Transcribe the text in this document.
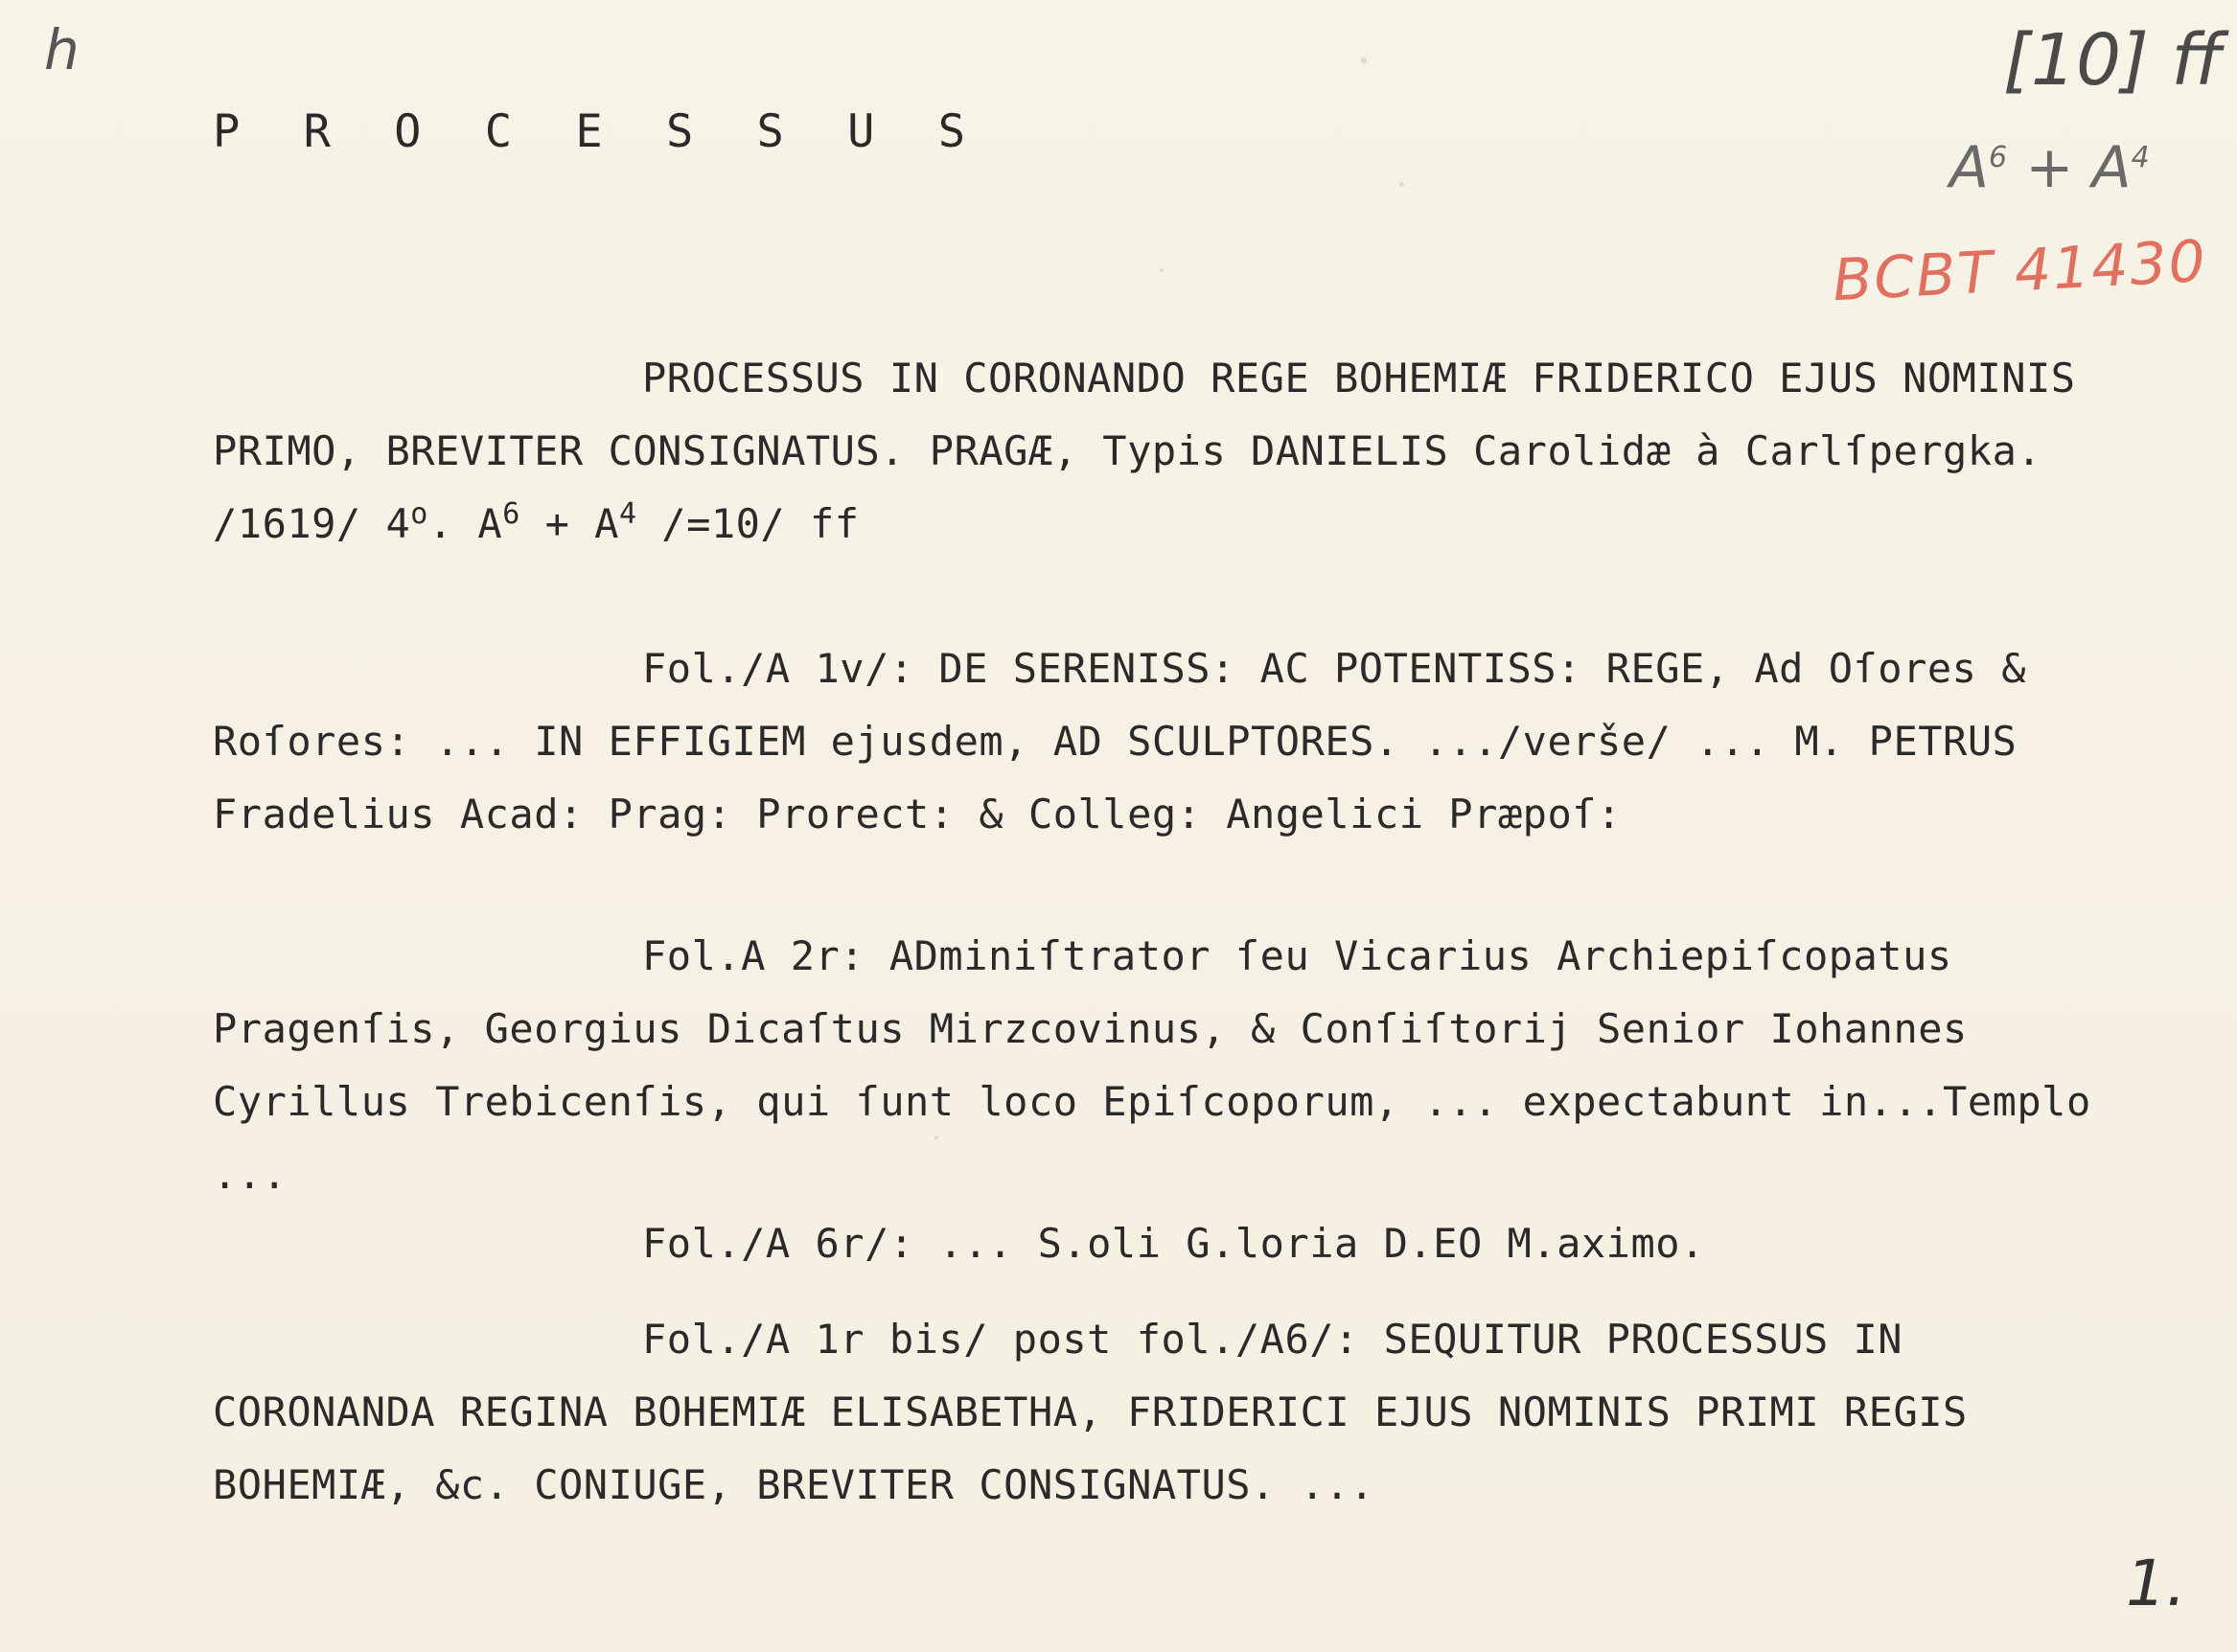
h	[10] ff
$A^6 + A^4$
BCBT 41430
1.
P R O C E S S U S
PROCESSUS IN CORONANDO REGE BOHEMIÆ FRIDERICO EJUS NOMINIS PRIMO, BREVITER CONSIGNATUS. PRAGÆ, Typis DANIELIS Carolidæ à Carlſpergka. /1619/ 4$^o$. $A^6 + A^4$ /=10/ ff
Fol./A 1v/: DE SERENISS: AC POTENTISS: REGE, Ad Oſores & Roſores: ... IN EFFIGIEM ejusdem, AD SCULPTORES. .../verše/ ... M. PETRUS Fradelius Acad: Prag: Prorect: & Colleg: Angelici Præpoſ:
Fol.A 2r: ADminiſtrator ſeu Vicarius Archiepiſcopatus Pragenſis, Georgius Dicaſtus Mirzcovinus, & Conſiſtorij Senior Iohannes Cyrillus Trebicenſis, qui ſunt loco Epiſcoporum, ... expectabunt in...Templo ...
Fol./A 6r/: ... S.oli G.loria D.EO M.aximo.
Fol./A 1r bis/ post fol./A6/: SEQUITUR PROCESSUS IN CORONANDA REGINA BOHEMIÆ ELISABETHA, FRIDERICI EJUS NOMINIS PRIMI REGIS BOHEMIÆ, &c. CONIUGE, BREVITER CONSIGNATUS. ...
